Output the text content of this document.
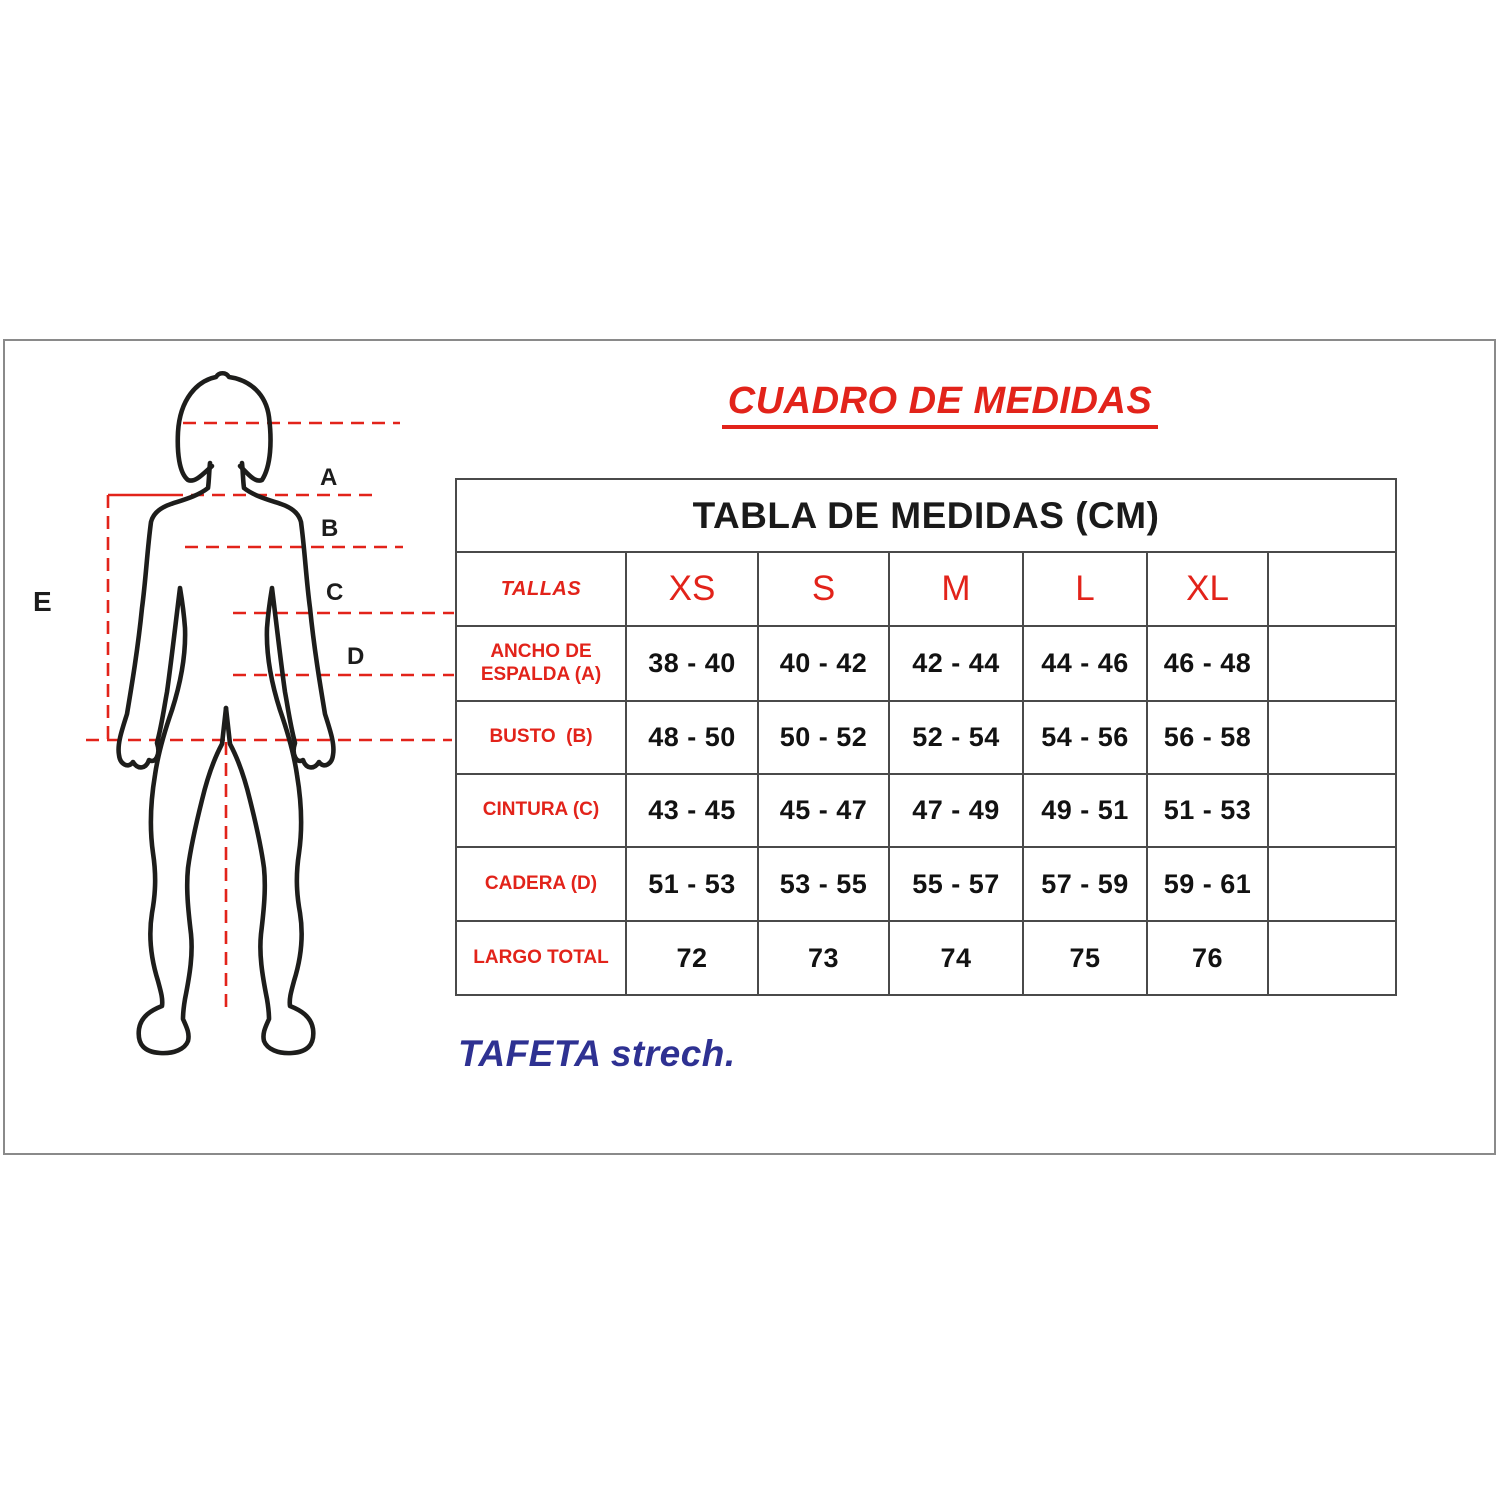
A
B
C
D
E
CUADRO DE MEDIDAS
TABLA DE MEDIDAS (CM)						
TALLAS	XS	S	M	L	XL	
ANCHO DE ESPALDA (A)	38 - 40	40 - 42	42 - 44	44 - 46	46 - 48	
BUSTO  (B)	48 - 50	50 - 52	52 - 54	54 - 56	56 - 58	
CINTURA (C)	43 - 45	45 - 47	47 - 49	49 - 51	51 - 53	
CADERA (D)	51 - 53	53 - 55	55 - 57	57 - 59	59 - 61	
LARGO TOTAL	72	73	74	75	76	
TAFETA strech.
